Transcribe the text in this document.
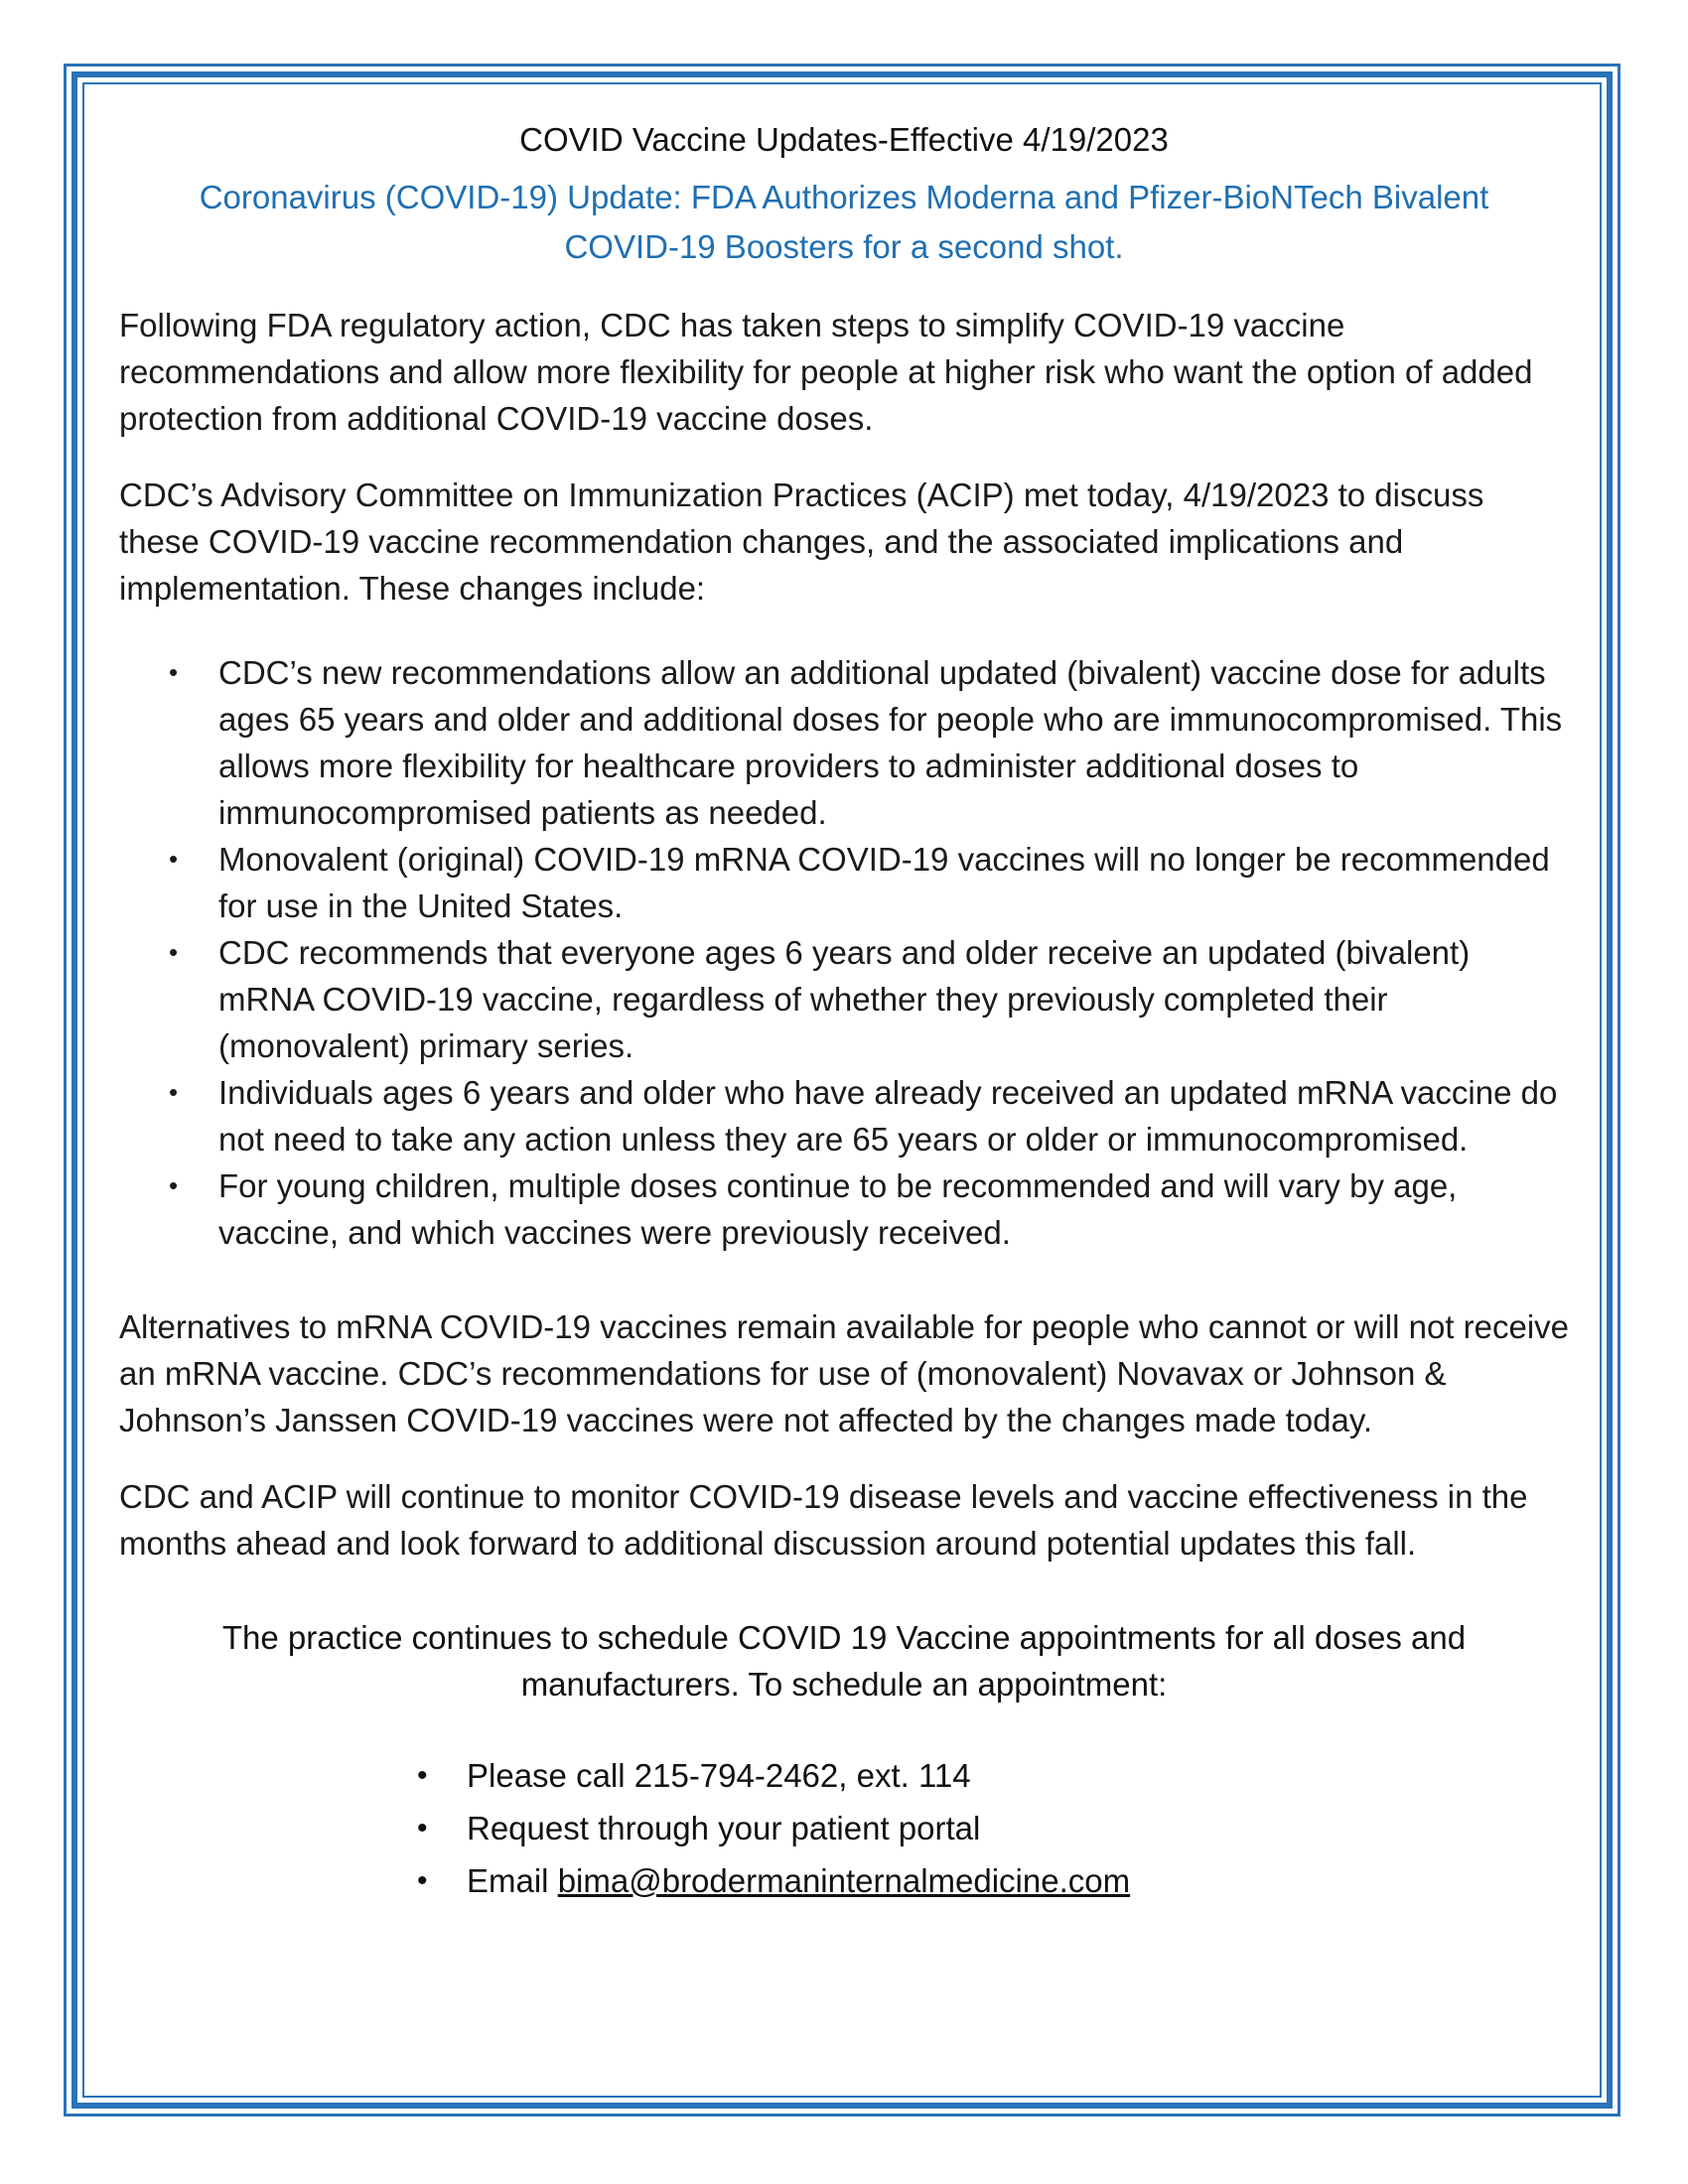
COVID Vaccine Updates-Effective 4/19/2023
Coronavirus (COVID-19) Update: FDA Authorizes Moderna and Pfizer-BioNTech Bivalent
COVID-19 Boosters for a second shot.

Following FDA regulatory action, CDC has taken steps to simplify COVID-19 vaccine recommendations and allow more flexibility for people at higher risk who want the option of added protection from additional COVID-19 vaccine doses.

CDC’s Advisory Committee on Immunization Practices (ACIP) met today, 4/19/2023 to discuss these COVID-19 vaccine recommendation changes, and the associated implications and implementation. These changes include:

• CDC’s new recommendations allow an additional updated (bivalent) vaccine dose for adults ages 65 years and older and additional doses for people who are immunocompromised. This allows more flexibility for healthcare providers to administer additional doses to immunocompromised patients as needed.
• Monovalent (original) COVID-19 mRNA COVID-19 vaccines will no longer be recommended for use in the United States.
• CDC recommends that everyone ages 6 years and older receive an updated (bivalent) mRNA COVID-19 vaccine, regardless of whether they previously completed their (monovalent) primary series.
• Individuals ages 6 years and older who have already received an updated mRNA vaccine do not need to take any action unless they are 65 years or older or immunocompromised.
• For young children, multiple doses continue to be recommended and will vary by age, vaccine, and which vaccines were previously received.

Alternatives to mRNA COVID-19 vaccines remain available for people who cannot or will not receive an mRNA vaccine. CDC’s recommendations for use of (monovalent) Novavax or Johnson & Johnson’s Janssen COVID-19 vaccines were not affected by the changes made today.

CDC and ACIP will continue to monitor COVID-19 disease levels and vaccine effectiveness in the months ahead and look forward to additional discussion around potential updates this fall.

The practice continues to schedule COVID 19 Vaccine appointments for all doses and
manufacturers. To schedule an appointment:
• Please call 215-794-2462, ext. 114
• Request through your patient portal
• Email bima@brodermaninternalmedicine.com
